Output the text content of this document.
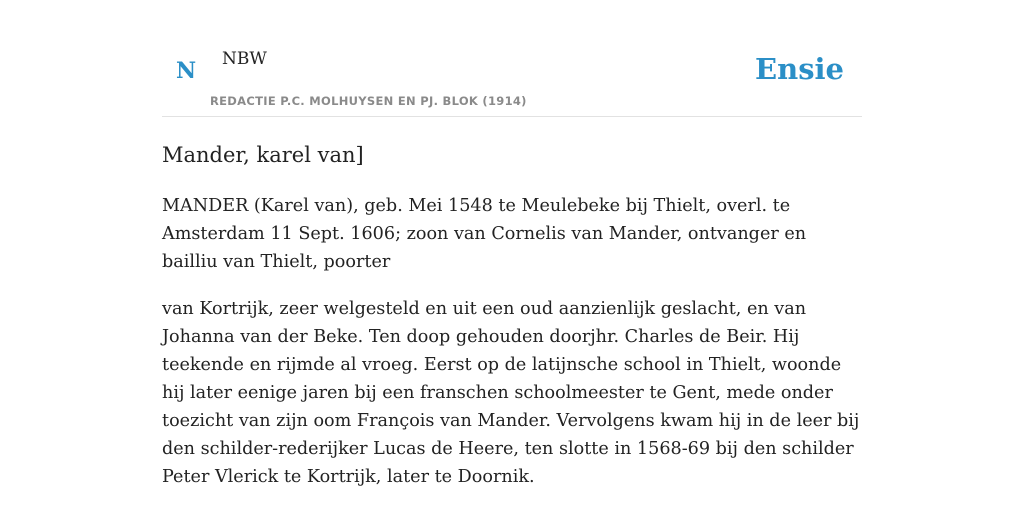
N NBW
REDACTIE P.C. MOLHUYSEN EN PJ. BLOK (1914)
Ensie
Mander, karel van]

MANDER (Karel van), geb. Mei 1548 te Meulebeke bij Thielt, overl. te Amsterdam 11 Sept. 1606; zoon van Cornelis van Mander, ontvanger en bailliu van Thielt, poorter

van Kortrijk, zeer welgesteld en uit een oud aanzienlijk geslacht, en van Johanna van der Beke. Ten doop gehouden doorjhr. Charles de Beir. Hij teekende en rijmde al vroeg. Eerst op de latijnsche school in Thielt, woonde hij later eenige jaren bij een franschen schoolmeester te Gent, mede onder toezicht van zijn oom François van Mander. Vervolgens kwam hij in de leer bij den schilder-rederijker Lucas de Heere, ten slotte in 1568-69 bij den schilder Peter Vlerick te Kortrijk, later te Doornik.
